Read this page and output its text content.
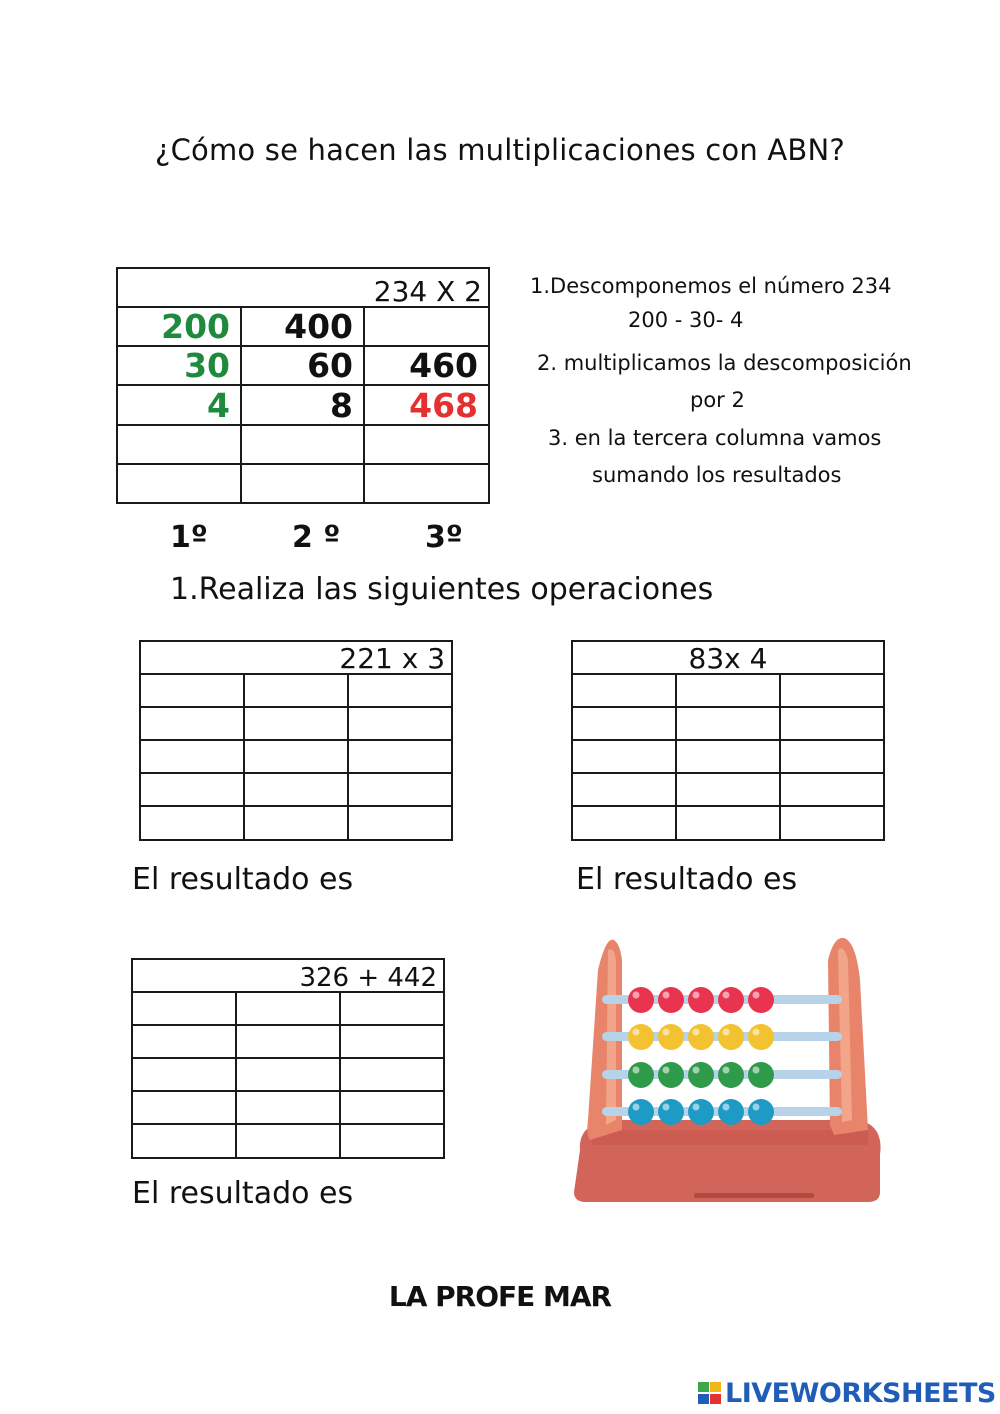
¿Cómo se hacen las multiplicaciones con ABN?
234 X 2		
200	400	
30	60	460
4	8	468

1º	2 º	3º
1.Descomponemos el número 234
200 - 30- 4
2. multiplicamos la descomposición
por 2
3. en la tercera columna vamos
sumando los resultados
1.Realiza las siguientes operaciones
221 x 3		

El resultado es
83x 4		

El resultado es
326 + 442		

El resultado es
LA PROFE MAR
LIVEWORKSHEETS
